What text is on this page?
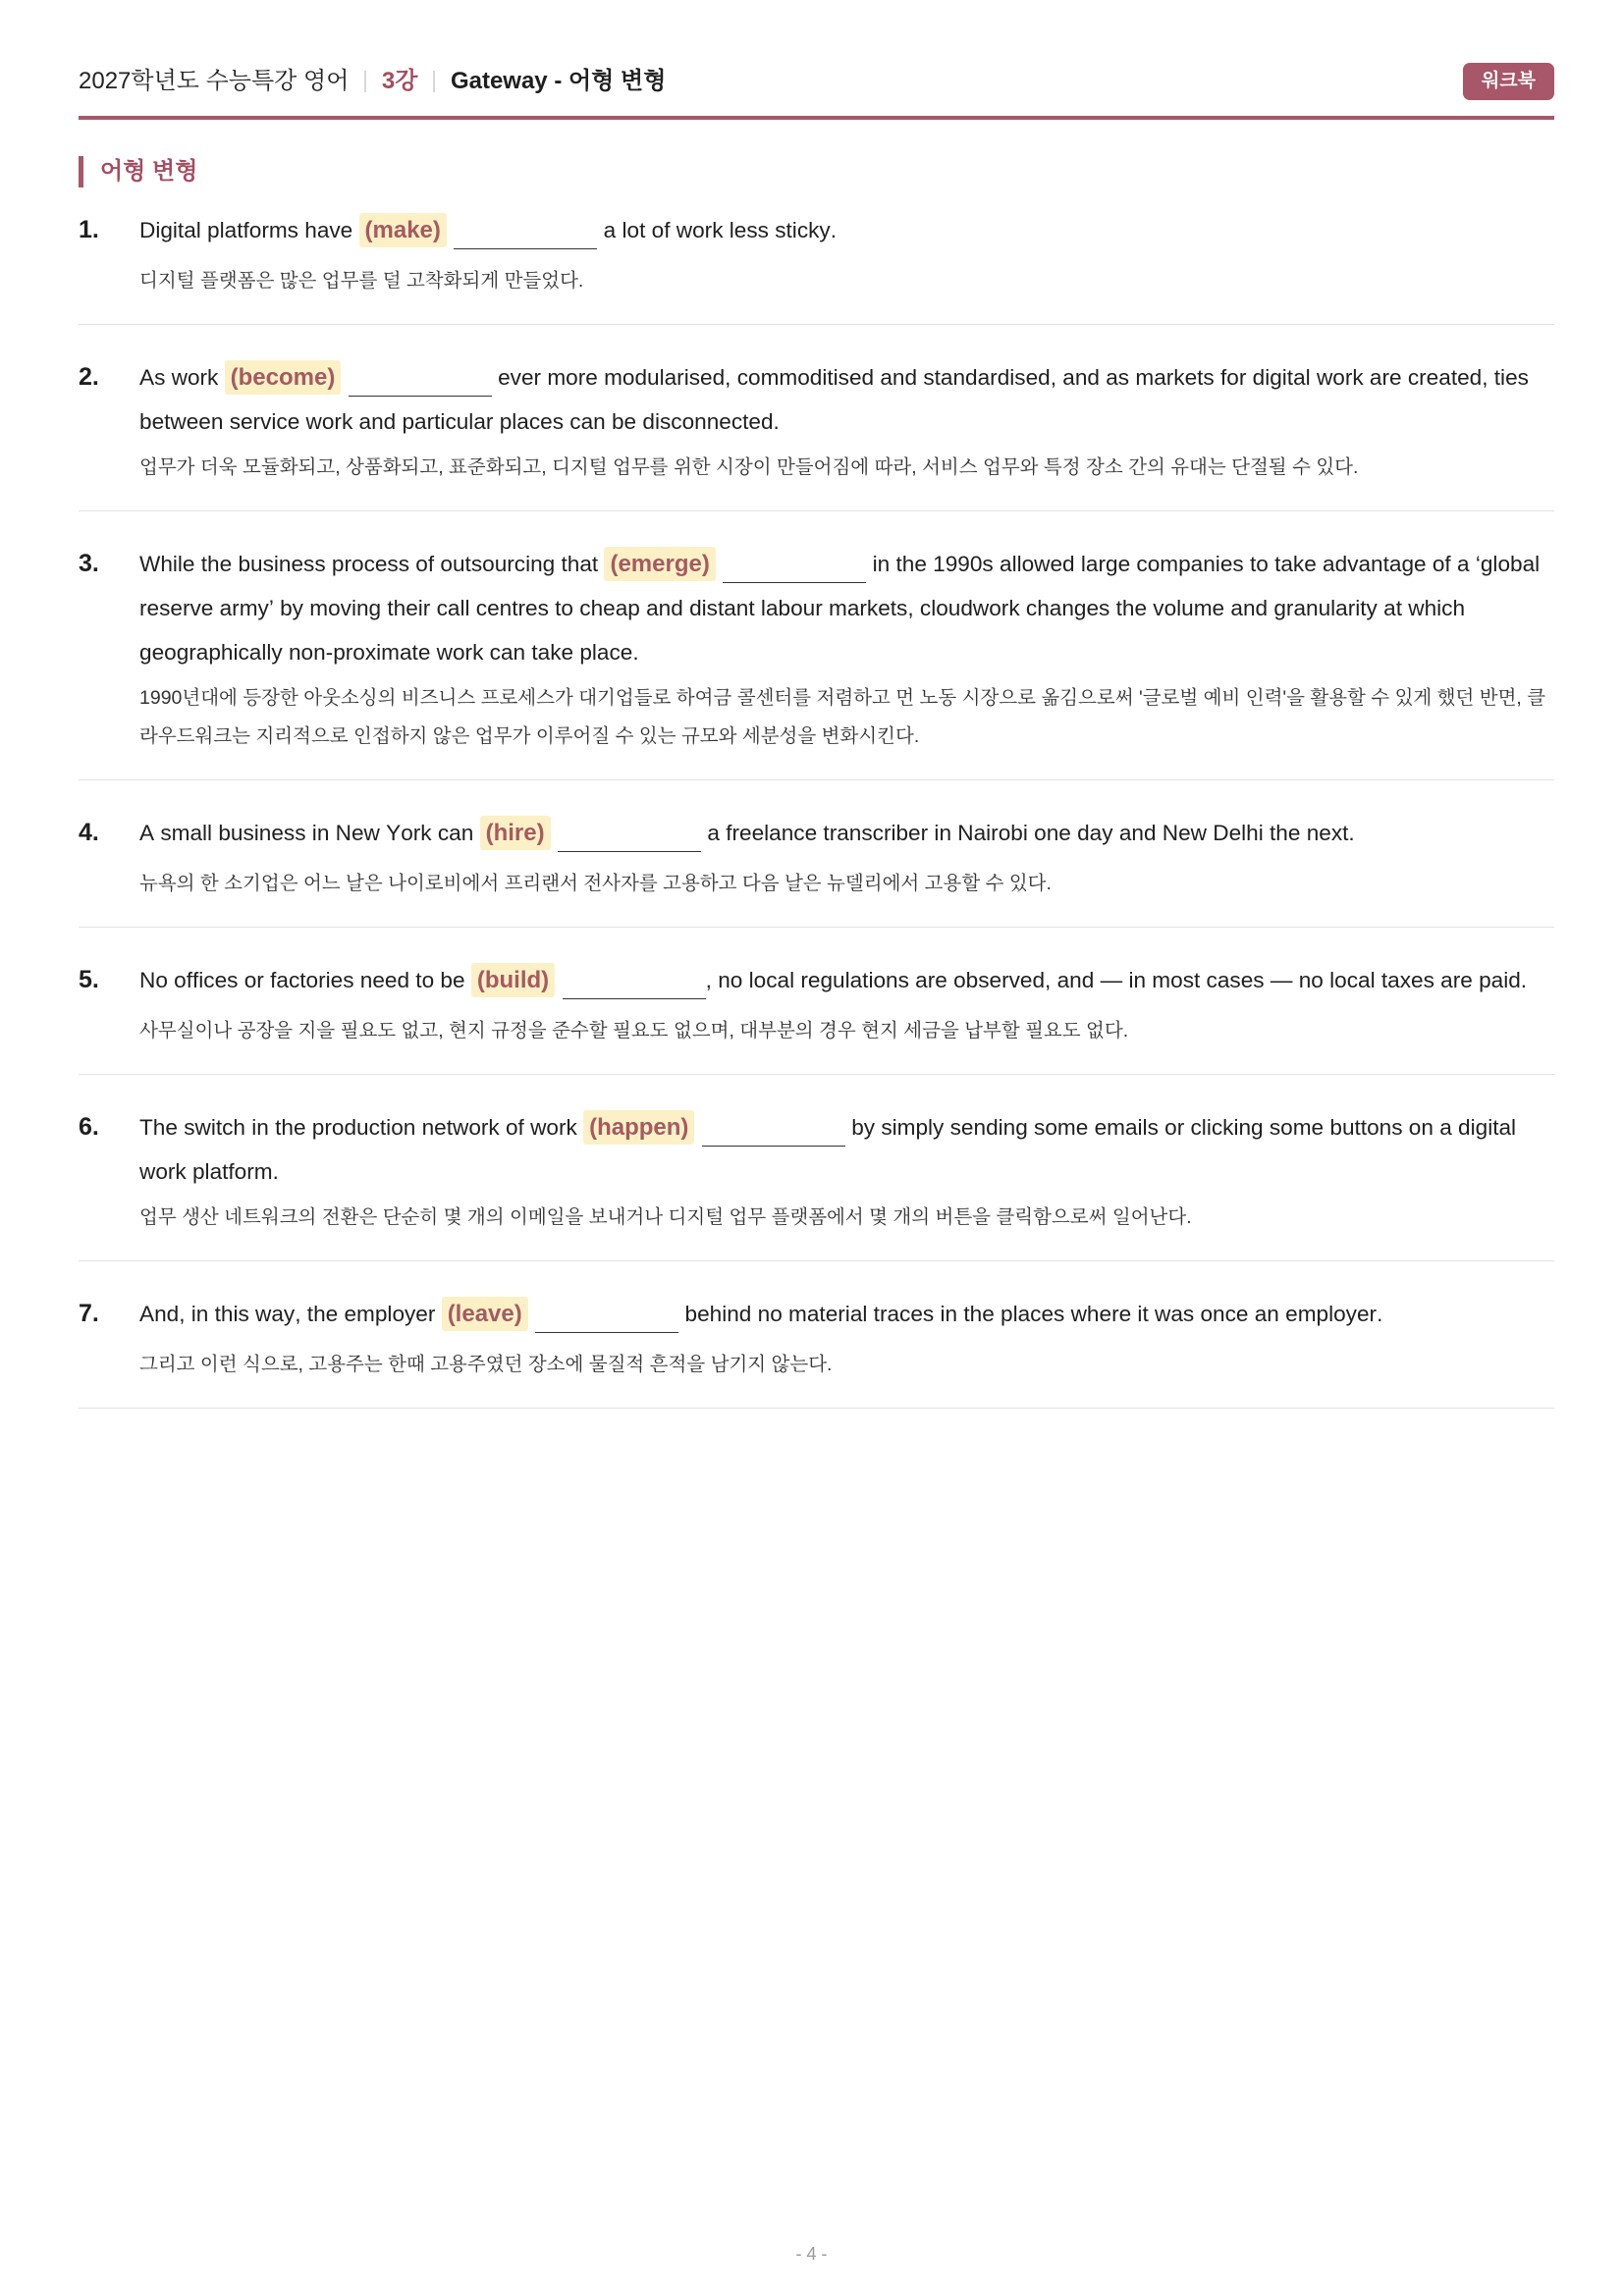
2027학년도 수능특강 영어 3강 Gateway - 어형 변형	워크북
어형 변형
1.	Digital platforms have (make)	a lot of work less sticky.
디지털 플랫폼은 많은 업무를 덜 고착화되게 만들었다.
2.	As work (become)	ever more modularised, commoditised and standardised, and as markets for digital work are created, ties between service work and particular places can be disconnected.
업무가 더욱 모듈화되고, 상품화되고, 표준화되고, 디지털 업무를 위한 시장이 만들어짐에 따라, 서비스 업무와 특정 장소 간의 유대는 단절될 수 있다.
3.	While the business process of outsourcing that (emerge)	in the 1990s allowed large companies to take advantage of a ‘global reserve army’ by moving their call centres to cheap and distant labour markets, cloudwork changes the volume and granularity at which geographically non-proximate work can take place.
1990년대에 등장한 아웃소싱의 비즈니스 프로세스가 대기업들로 하여금 콜센터를 저렴하고 먼 노동 시장으로 옮김으로써 '글로벌 예비 인력'을 활용할 수 있게 했던 반면, 클라우드워크는 지리적으로 인접하지 않은 업무가 이루어질 수 있는 규모와 세분성을 변화시킨다.
4.	A small business in New York can (hire)	a freelance transcriber in Nairobi one day and New Delhi the next.
뉴욕의 한 소기업은 어느 날은 나이로비에서 프리랜서 전사자를 고용하고 다음 날은 뉴델리에서 고용할 수 있다.
5.	No offices or factories need to be (build)	, no local regulations are observed, and — in most cases — no local taxes are paid.
사무실이나 공장을 지을 필요도 없고, 현지 규정을 준수할 필요도 없으며, 대부분의 경우 현지 세금을 납부할 필요도 없다.
6.	The switch in the production network of work (happen)	by simply sending some emails or clicking some buttons on a digital work platform.
업무 생산 네트워크의 전환은 단순히 몇 개의 이메일을 보내거나 디지털 업무 플랫폼에서 몇 개의 버튼을 클릭함으로써 일어난다.
7.	And, in this way, the employer (leave)	behind no material traces in the places where it was once an employer.
그리고 이런 식으로, 고용주는 한때 고용주였던 장소에 물질적 흔적을 남기지 않는다.
- 4 -
